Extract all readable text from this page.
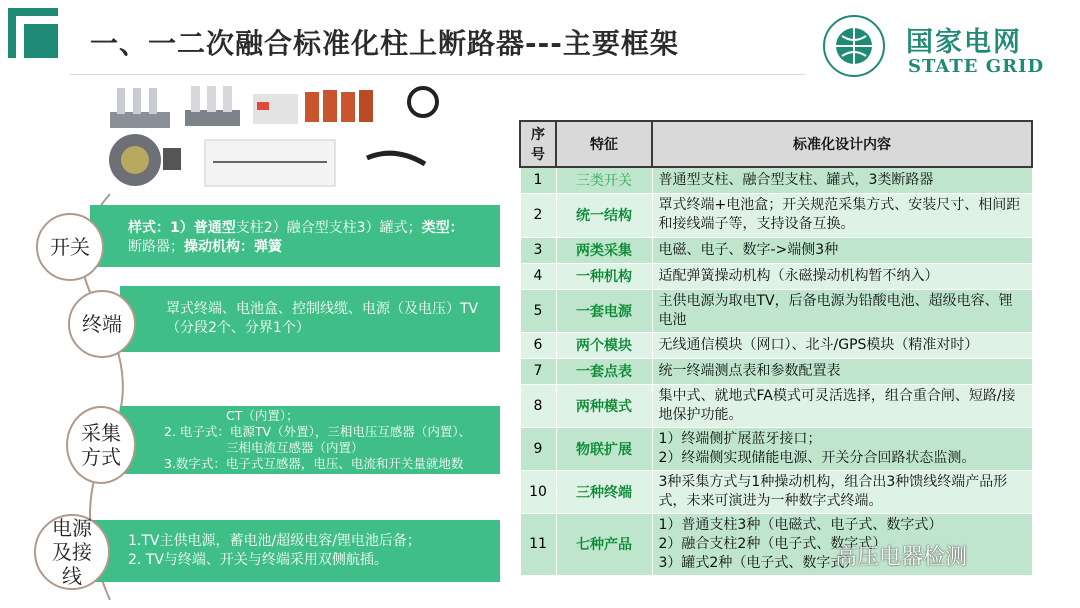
一、一二次融合标准化柱上断路器---主要框架	国家电网
STATE GRID
样式：1）普通型支柱2）融合型支柱3）罐式；类型：
断路器；操动机构：弹簧
开关
罩式终端、电池盒、控制线缆、电源（及电压）TV（分段2个、分界1个）
终端
CT（内置）；
2. 电子式：电源TV（外置），三相电压互感器（内置）、
三相电流互感器（内置）
3.数字式：电子式互感器，电压、电流和开关量就地数
采集方式
1.TV主供电源，蓄电池/超级电容/锂电池后备；
2. TV与终端、开关与终端采用双侧航插。
电源及接线
序号	特征	标准化设计内容
1	三类开关	普通型支柱、融合型支柱、罐式，3类断路器
2	统一结构	罩式终端+电池盒；开关规范采集方式、安装尺寸、相间距和接线端子等，支持设备互换。
3	两类采集	电磁、电子、数字->端侧3种
4	一种机构	适配弹簧操动机构（永磁操动机构暂不纳入）
5	一套电源	主供电源为取电TV，后备电源为铅酸电池、超级电容、锂电池
6	两个模块	无线通信模块（网口）、北斗/GPS模块（精准对时）
7	一套点表	统一终端测点表和参数配置表
8	两种模式	集中式、就地式FA模式可灵活选择，组合重合闸、短路/接地保护功能。
9	物联扩展	1）终端侧扩展蓝牙接口；
2）终端侧实现储能电源、开关分合回路状态监测。
10	三种终端	3种采集方式与1种操动机构，组合出3种馈线终端产品形式，未来可演进为一种数字式终端。
11	七种产品	1）普通支柱3种（电磁式、电子式、数字式）
2）融合支柱2种（电子式、数字式）
3）罐式2种（电子式、数字式）
高压电器检测
